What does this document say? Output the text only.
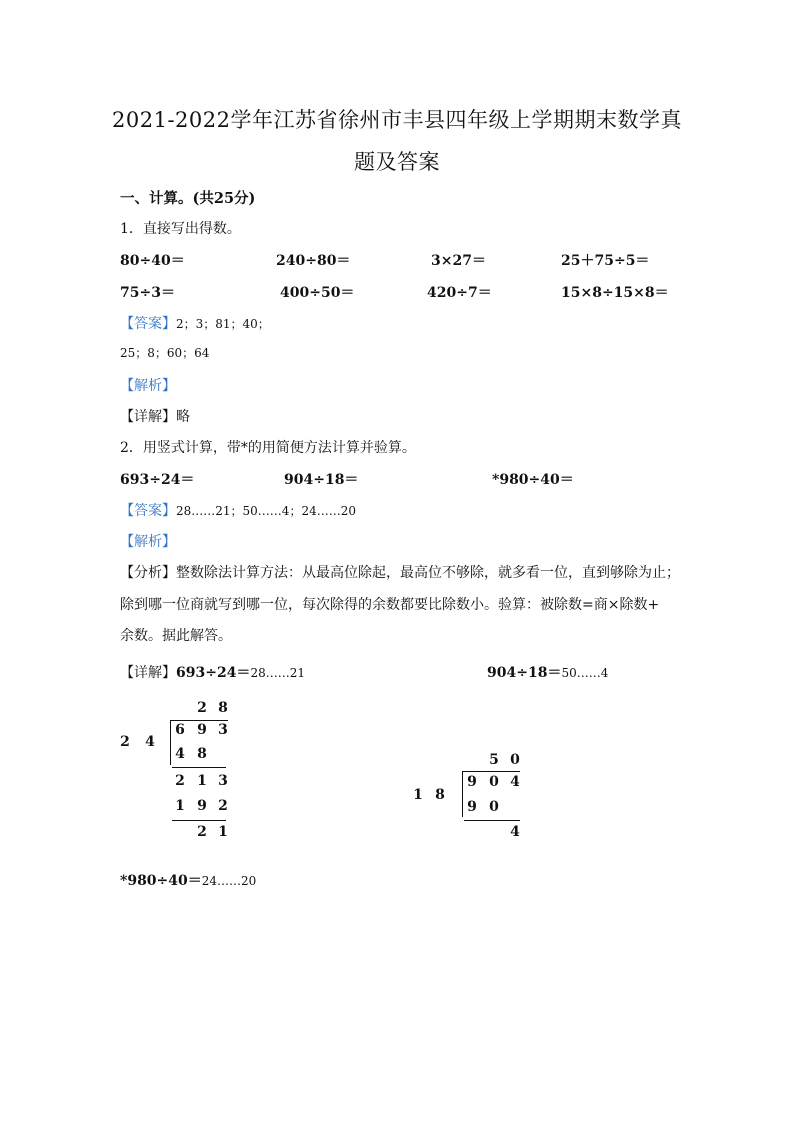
2021-2022学年江苏省徐州市丰县四年级上学期期末数学真
题及答案
一、计算。(共25分)
1．直接写出得数。
80÷40＝	240÷80＝	3×27＝	25＋75÷5＝
75÷3＝	400÷50＝	420÷7＝	15×8÷15×8＝
【答案】2；3；81；40；
25；8；60；64
【解析】
【详解】略
2．用竖式计算，带*的用简便方法计算并验算。
693÷24＝	904÷18＝	*980÷40＝
【答案】28……21；50……4；24……20
【解析】
【分析】整数除法计算方法：从最高位除起，最高位不够除，就多看一位，直到够除为止；
除到哪一位商就写到哪一位，每次除得的余数都要比除数小。验算：被除数=商×除数+
余数。据此解答。
【详解】693÷24＝28……21	904÷18＝50……4
2 8
2 4
6 9 3
4 8
2 1 3
1 9 2
2 1
5 0
1 8
9 0 4
9 0
4
*980÷40＝24……20
